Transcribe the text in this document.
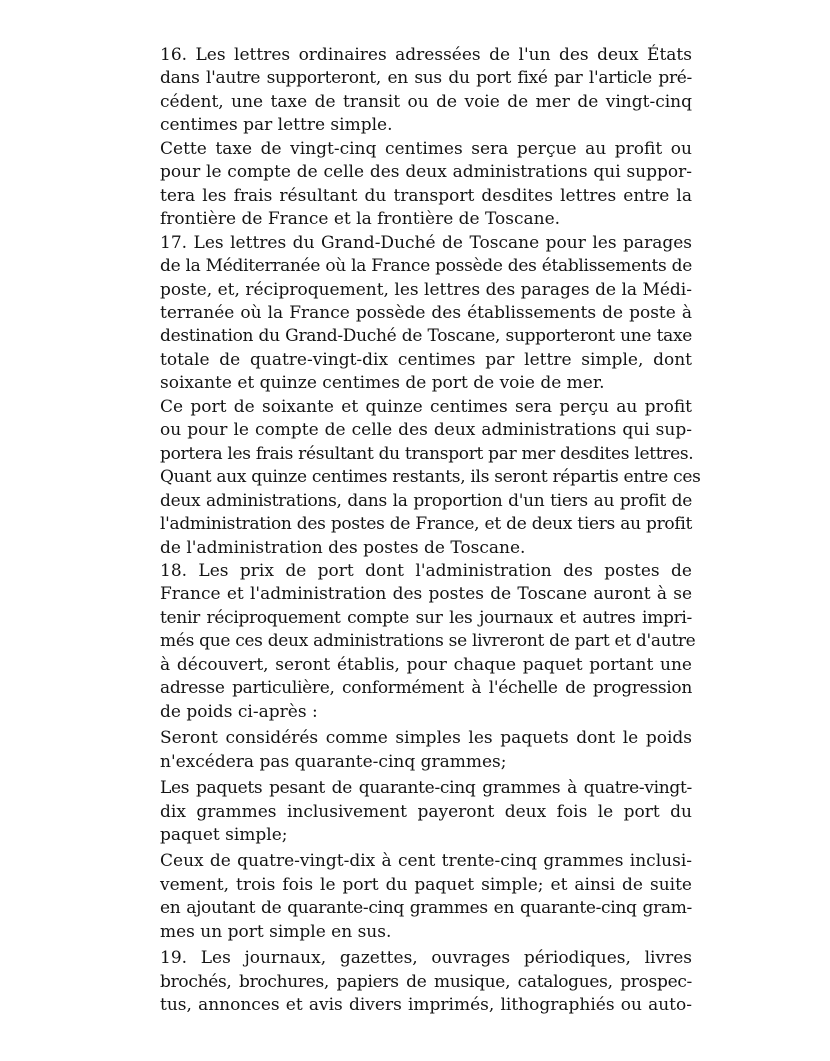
16. Les lettres ordinaires adressées de l'un des deux États
dans l'autre supporteront, en sus du port fixé par l'article pré-
cédent, une taxe de transit ou de voie de mer de vingt-cinq
centimes par lettre simple.

Cette taxe de vingt-cinq centimes sera perçue au profit ou
pour le compte de celle des deux administrations qui suppor-
tera les frais résultant du transport desdites lettres entre la
frontière de France et la frontière de Toscane.

17. Les lettres du Grand-Duché de Toscane pour les parages
de la Méditerranée où la France possède des établissements de
poste, et, réciproquement, les lettres des parages de la Médi-
terranée où la France possède des établissements de poste à
destination du Grand-Duché de Toscane, supporteront une taxe
totale de quatre-vingt-dix centimes par lettre simple, dont
soixante et quinze centimes de port de voie de mer.

Ce port de soixante et quinze centimes sera perçu au profit
ou pour le compte de celle des deux administrations qui sup-
portera les frais résultant du transport par mer desdites lettres.
Quant aux quinze centimes restants, ils seront répartis entre ces
deux administrations, dans la proportion d'un tiers au profit de
l'administration des postes de France, et de deux tiers au profit
de l'administration des postes de Toscane.

18. Les prix de port dont l'administration des postes de
France et l'administration des postes de Toscane auront à se
tenir réciproquement compte sur les journaux et autres impri-
més que ces deux administrations se livreront de part et d'autre
à découvert, seront établis, pour chaque paquet portant une
adresse particulière, conformément à l'échelle de progression
de poids ci-après :

Seront considérés comme simples les paquets dont le poids
n'excédera pas quarante-cinq grammes;

Les paquets pesant de quarante-cinq grammes à quatre-vingt-
dix grammes inclusivement payeront deux fois le port du
paquet simple;

Ceux de quatre-vingt-dix à cent trente-cinq grammes inclusi-
vement, trois fois le port du paquet simple; et ainsi de suite
en ajoutant de quarante-cinq grammes en quarante-cinq gram-
mes un port simple en sus.

19. Les journaux, gazettes, ouvrages périodiques, livres
brochés, brochures, papiers de musique, catalogues, prospec-
tus, annonces et avis divers imprimés, lithographiés ou auto-
